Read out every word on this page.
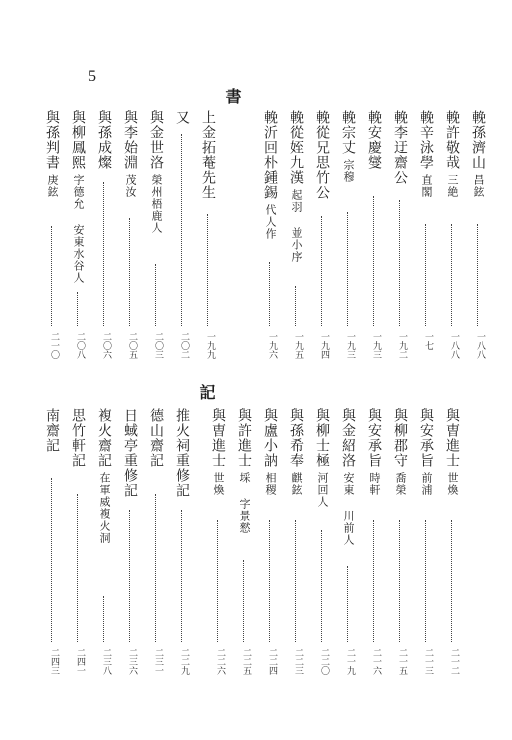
5
書
輓孫濟山昌鉉
一八八
輓許敬哉三絶
一八八
輓辛泳學直閣
一七
輓李迂齋公
一九二
輓安慶燮
一九三
輓宗丈宗穆
一九三
輓從兄思竹公
一九四
輓從姪九漢起羽 並小序
一九五
輓沂回朴鍾錫代人作
一九六
上金拓菴先生
一九九
又
二〇二
與金世洛榮州梧鹿人
二〇三
與李始淵茂汝
二〇五
與孫成燦
二〇六
與柳鳳熙字德允 安東水谷人
二〇八
與孫判書庚鉉
二一〇
記
與曺進士世煥
二一二
與安承旨前浦
二一三
與柳郡守喬榮
二一五
與安承旨時軒
二一六
與金紹洛安東 川前人
二一九
與柳士極河回人
二二〇
與孫希奉麒鉉
二二三
與盧小訥相稷
二二四
與許進士埰 字景憖
二二五
與曺進士世煥
二二六
推火祠重修記
二二九
德山齋記
二三一
日蜮亭重修記
二三六
複火齋記在軍威複火洞
二三八
思竹軒記
二四一
南齋記
二四三
